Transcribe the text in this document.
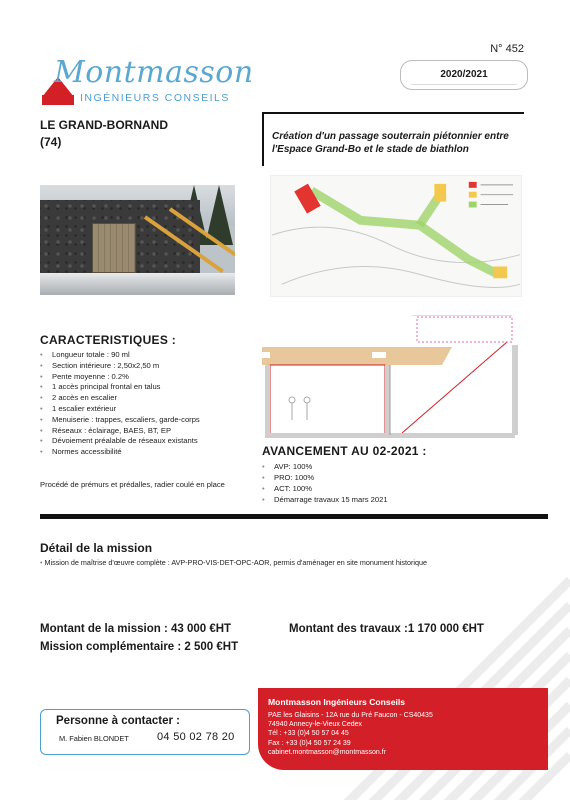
N° 452
Montmasson
INGÉNIEURS CONSEILS
2020/2021
LE GRAND-BORNAND
(74)	Création d'un passage souterrain piétonnier entre
l'Espace Grand-Bo et le stade de biathlon
CARACTERISTIQUES :
• Longueur totale : 90 ml
• Section intérieure : 2,50x2,50 m
• Pente moyenne : 0.2%
• 1 accès principal frontal en talus
• 2 accès en escalier
• 1 escalier extérieur
• Menuiserie : trappes, escaliers, garde-corps
• Réseaux : éclairage, BAES, BT, EP
• Dévoiement préalable de réseaux existants
• Normes accessibilité
Procédé de prémurs et prédalles, radier coulé en place
AVANCEMENT AU 02-2021 :
• AVP: 100%
• PRO: 100%
• ACT: 100%
• Démarrage travaux 15 mars 2021
Détail de la mission
• Mission de maîtrise d'œuvre complète : AVP-PRO-VIS-DET-OPC-AOR, permis d'aménager en site monument historique
Montant de la mission : 43 000 €HT
Mission complémentaire : 2 500 €HT
Montant des travaux :1 170 000 €HT
Montmasson Ingénieurs Conseils
PAE les Glaisins - 12A rue du Pré Faucon - CS40435
74940 Annecy-le-Vieux Cedex
Tél : +33 (0)4 50 57 04 45
Fax : +33 (0)4 50 57 24 39
cabinet.montmasson@montmasson.fr
Personne à contacter :
M. Fabien BLONDET	04 50 02 78 20
